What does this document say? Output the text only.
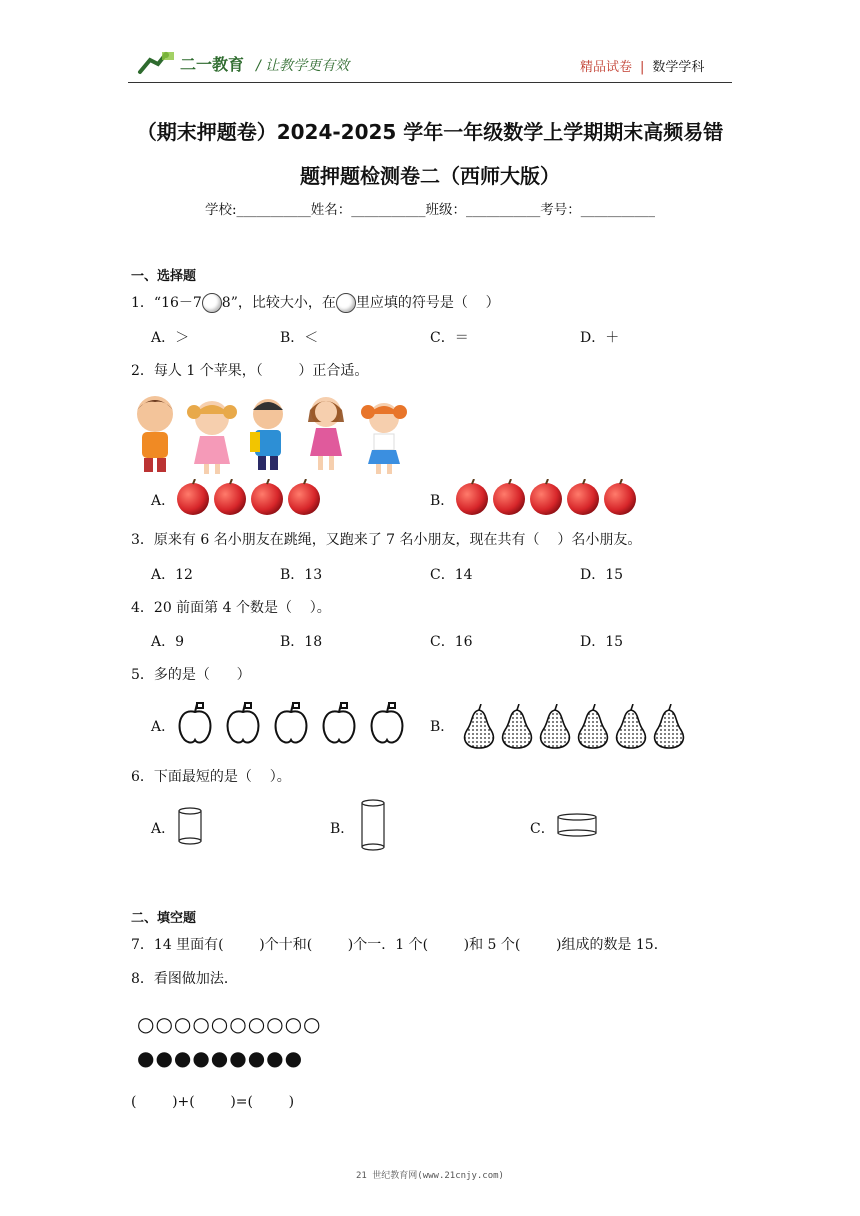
二一教育 / 让教学更有效	精品试卷 | 数学学科
（期末押题卷）2024-2025 学年一年级数学上学期期末高频易错
题押题检测卷二（西师大版）
学校:___________姓名：___________班级：___________考号：___________
一、选择题
1．“16－7 8”，比较大小，在 里应填的符号是（    ）
A．＞	B．＜	C．＝	D．＋
2．每人 1 个苹果，（        ）正合适。
A．	B．
3．原来有 6 名小朋友在跳绳，又跑来了 7 名小朋友，现在共有（    ）名小朋友。
A．12	B．13	C．14	D．15
4．20 前面第 4 个数是（    ）。
A．9	B．18	C．16	D．15
5．多的是（      ）
A．	B．
6．下面最短的是（    ）。
A．	B．	C．
二、填空题
7．14 里面有(        )个十和(        )个一．1 个(        )和 5 个(        )组成的数是 15．
8．看图做加法．
○○○○○○○○○○
●●●●●●●●●
(        )+(        )=(        )
21 世纪教育网(www.21cnjy.com)
